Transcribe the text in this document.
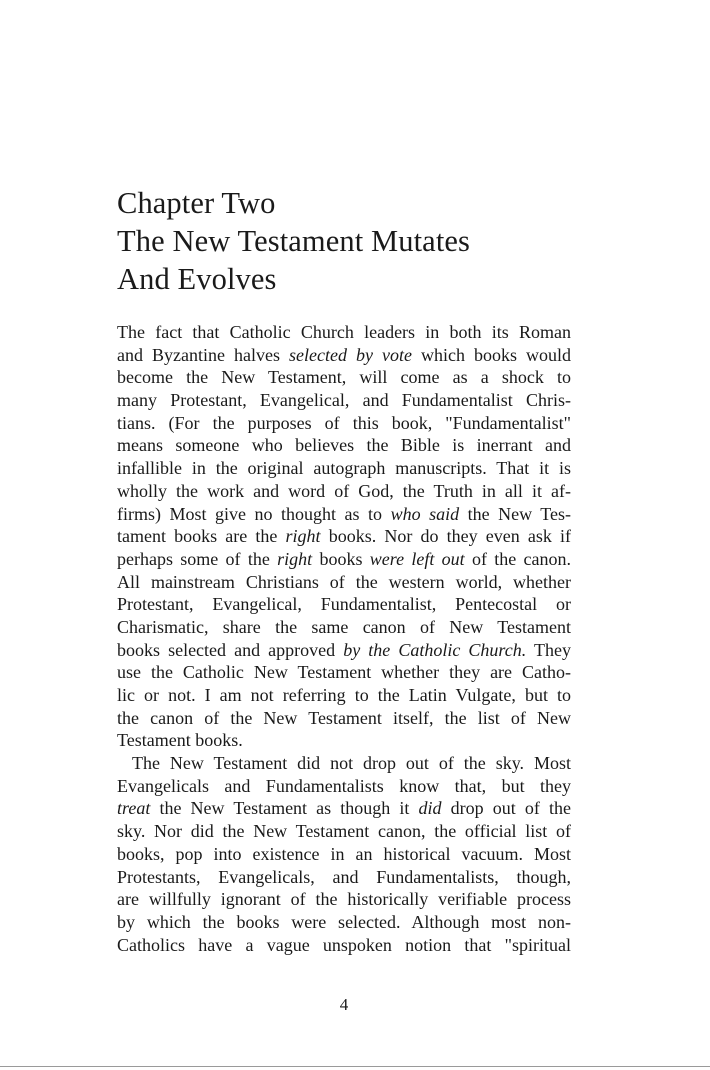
Chapter Two
The New Testament Mutates
And Evolves
The fact that Catholic Church leaders in both its Roman
and Byzantine halves selected by vote which books would
become the New Testament, will come as a shock to
many Protestant, Evangelical, and Fundamentalist Chris-
tians. (For the purposes of this book, "Fundamentalist"
means someone who believes the Bible is inerrant and
infallible in the original autograph manuscripts. That it is
wholly the work and word of God, the Truth in all it af-
firms) Most give no thought as to who said the New Tes-
tament books are the right books. Nor do they even ask if
perhaps some of the right books were left out of the canon.
All mainstream Christians of the western world, whether
Protestant, Evangelical, Fundamentalist, Pentecostal or
Charismatic, share the same canon of New Testament
books selected and approved by the Catholic Church. They
use the Catholic New Testament whether they are Catho-
lic or not. I am not referring to the Latin Vulgate, but to
the canon of the New Testament itself, the list of New
Testament books.
The New Testament did not drop out of the sky. Most
Evangelicals and Fundamentalists know that, but they
treat the New Testament as though it did drop out of the
sky. Nor did the New Testament canon, the official list of
books, pop into existence in an historical vacuum. Most
Protestants, Evangelicals, and Fundamentalists, though,
are willfully ignorant of the historically verifiable process
by which the books were selected. Although most non-
Catholics have a vague unspoken notion that "spiritual
4
